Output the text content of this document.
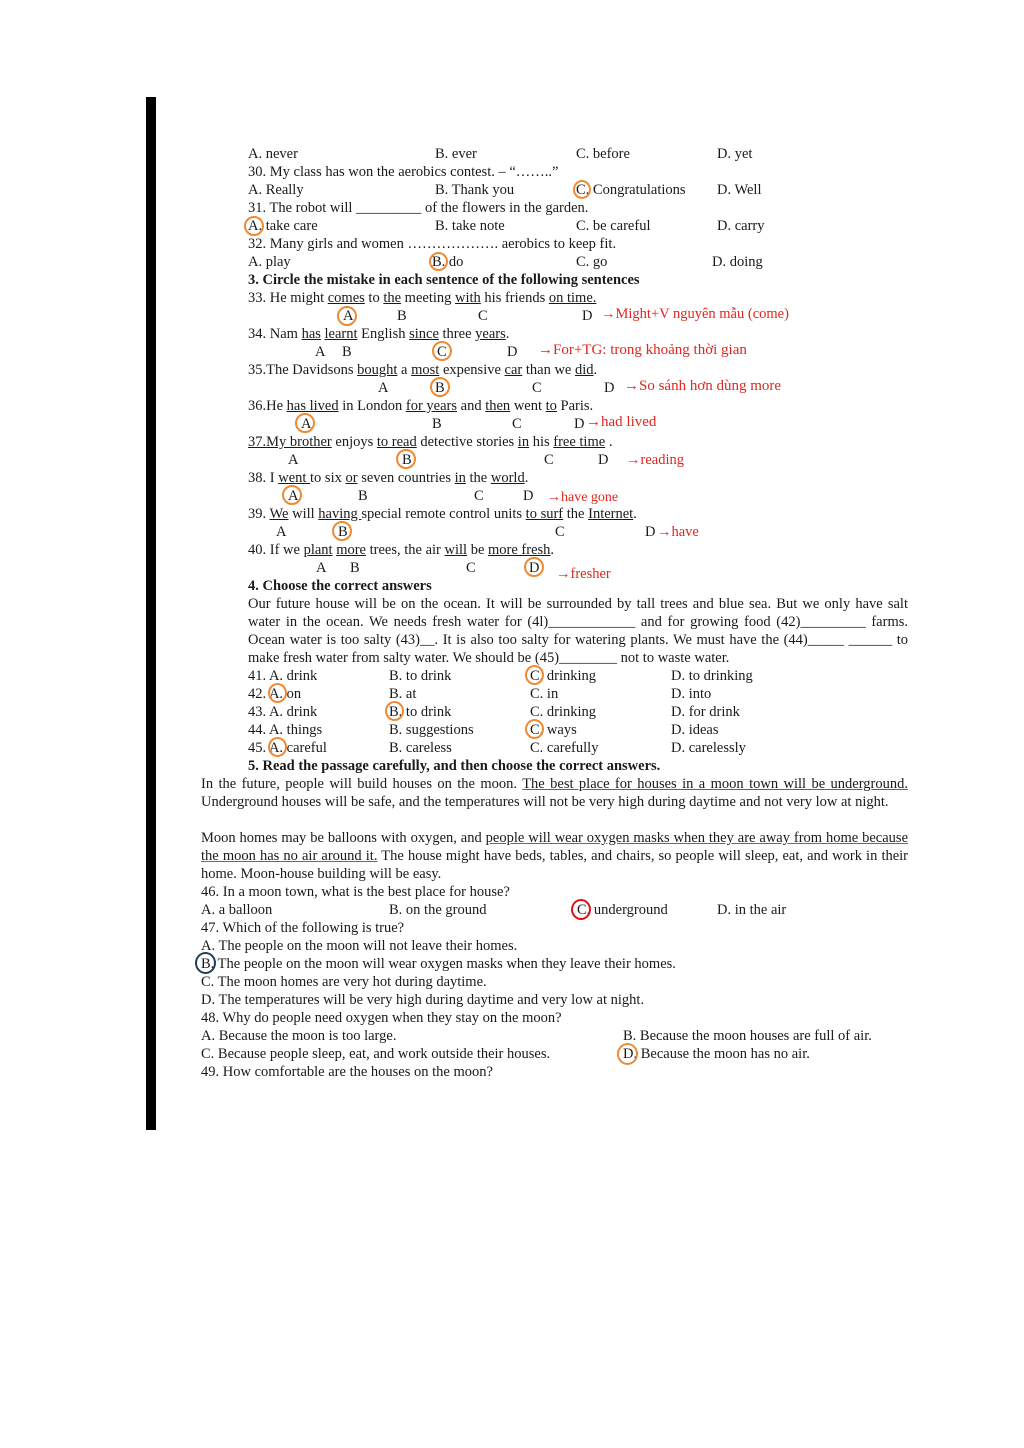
A. never	B. ever	C. before	D. yet
30. My class has won the aerobics contest. – “……..”
A. Really	B. Thank you	C. Congratulations D. Well
31. The robot will _________ of the flowers in the garden.
A. take care	B. take note	C. be careful	D. carry
32. Many girls and women ………………. aerobics to keep fit.
A. play	B. do	C. go	D. doing
3. Circle the mistake in each sentence of the following sentences
33. He might comes to the meeting with his friends on time.
A	B	C	D →Might+V nguyên mẫu (come)
34. Nam has learnt English since three years.
A B	C	D →For+TG: trong khoảng thời gian
35.The Davidsons bought a most expensive car than we did.
A	B	C	D →So sánh hơn dùng more
36.He has lived in London for years and then went to Paris.
A	B	C	D →had lived
37.My brother enjoys to read detective stories in his free time .
A	B	C	D →reading
38. I went to six or seven countries in the world.
A	B	C	D →have gone
39. We will having special remote control units to surf the Internet.
A	B	C	D →have
40. If we plant more trees, the air will be more fresh.
A B	C	D →fresher
4. Choose the correct answers
Our future house will be on the ocean. It will be surrounded by tall trees and blue sea. But we only have salt water in the ocean. We needs fresh water for (4l)____________ and for growing food (42)_________ farms. Ocean water is too salty (43)__. It is also too salty for watering plants. We must have the (44)_____ ______ to make fresh water from salty water. We should be (45)________ not to waste water.
41. A. drink	B. to drink	C. drinking	D. to drinking
42. A. on	B. at	C. in	D. into
43. A. drink	B. to drink	C. drinking	D. for drink
44. A. things	B. suggestions	C. ways	D. ideas
45. A. careful	B. careless	C. carefully	D. carelessly
5. Read the passage carefully, and then choose the correct answers.
In the future, people will build houses on the moon. The best place for houses in a moon town will be underground. Underground houses will be safe, and the temperatures will not be very high during daytime and not very low at night.
Moon homes may be balloons with oxygen, and people will wear oxygen masks when they are away from home because the moon has no air around it. The house might have beds, tables, and chairs, so people will sleep, eat, and work in their home. Moon-house building will be easy.
46. In a moon town, what is the best place for house?
A. a balloon	B. on the ground	C. underground	D. in the air
47. Which of the following is true?
A. The people on the moon will not leave their homes.
B. The people on the moon will wear oxygen masks when they leave their homes.
C. The moon homes are very hot during daytime.
D. The temperatures will be very high during daytime and very low at night.
48. Why do people need oxygen when they stay on the moon?
A. Because the moon is too large.	B. Because the moon houses are full of air.
C. Because people sleep, eat, and work outside their houses.	D. Because the moon has no air.
49. How comfortable are the houses on the moon?
